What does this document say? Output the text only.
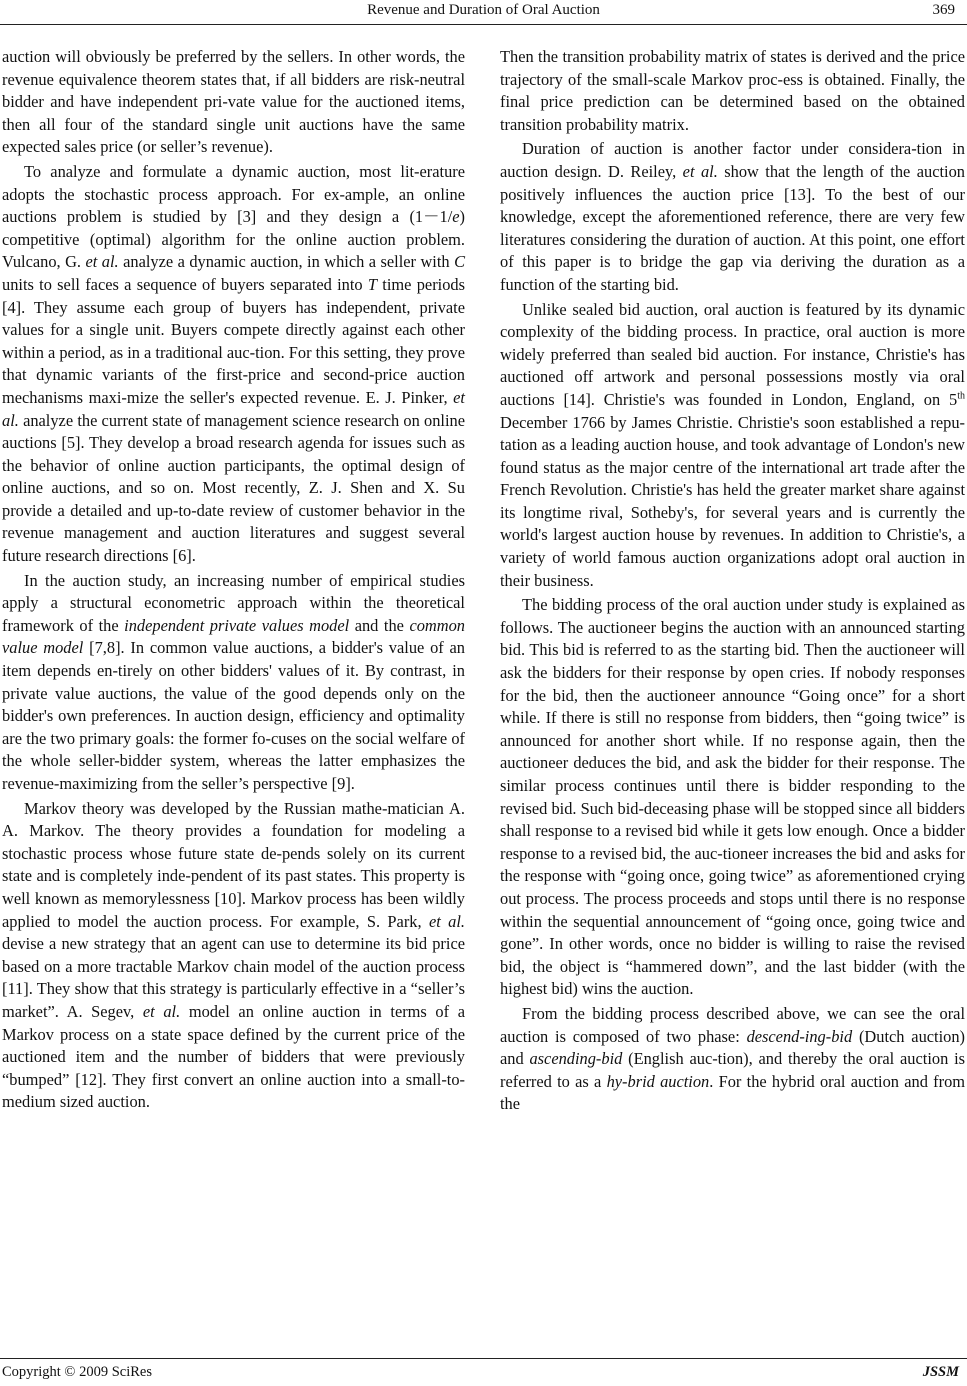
Revenue and Duration of Oral Auction	369

auction will obviously be preferred by the sellers. In other words, the revenue equivalence theorem states that, if all bidders are risk-neutral bidder and have independent pri-vate value for the auctioned items, then all four of the standard single unit auctions have the same expected sales price (or seller’s revenue).

To analyze and formulate a dynamic auction, most lit-erature adopts the stochastic process approach. For ex-ample, an online auctions problem is studied by [3] and they design a (1－1/e) competitive (optimal) algorithm for the online auction problem. Vulcano, G. et al. analyze a dynamic auction, in which a seller with C units to sell faces a sequence of buyers separated into T time periods [4]. They assume each group of buyers has independent, private values for a single unit. Buyers compete directly against each other within a period, as in a traditional auc-tion. For this setting, they prove that dynamic variants of the first-price and second-price auction mechanisms maxi-mize the seller's expected revenue. E. J. Pinker, et al. analyze the current state of management science research on online auctions [5]. They develop a broad research agenda for issues such as the behavior of online auction participants, the optimal design of online auctions, and so on. Most recently, Z. J. Shen and X. Su provide a detailed and up-to-date review of customer behavior in the revenue management and auction literatures and suggest several future research directions [6].

In the auction study, an increasing number of empirical studies apply a structural econometric approach within the theoretical framework of the independent private values model and the common value model [7,8]. In common value auctions, a bidder's value of an item depends en-tirely on other bidders' values of it. By contrast, in private value auctions, the value of the good depends only on the bidder's own preferences. In auction design, efficiency and optimality are the two primary goals: the former fo-cuses on the social welfare of the whole seller-bidder system, whereas the latter emphasizes the revenue-maximizing from the seller’s perspective [9].

Markov theory was developed by the Russian mathe-matician A. A. Markov. The theory provides a foundation for modeling a stochastic process whose future state de-pends solely on its current state and is completely inde-pendent of its past states. This property is well known as memorylessness [10]. Markov process has been wildly applied to model the auction process. For example, S. Park, et al. devise a new strategy that an agent can use to determine its bid price based on a more tractable Markov chain model of the auction process [11]. They show that this strategy is particularly effective in a “seller’s market”. A. Segev, et al. model an online auction in terms of a Markov process on a state space defined by the current price of the auctioned item and the number of bidders that were previously “bumped” [12]. They first convert an online auction into a small-to-medium sized auction.

Then the transition probability matrix of states is derived and the price trajectory of the small-scale Markov proc-ess is obtained. Finally, the final price prediction can be determined based on the obtained transition probability matrix.

Duration of auction is another factor under considera-tion in auction design. D. Reiley, et al. show that the length of the auction positively influences the auction price [13]. To the best of our knowledge, except the aforementioned reference, there are very few literatures considering the duration of auction. At this point, one effort of this paper is to bridge the gap via deriving the duration as a function of the starting bid.

Unlike sealed bid auction, oral auction is featured by its dynamic complexity of the bidding process. In practice, oral auction is more widely preferred than sealed bid auction. For instance, Christie's has auctioned off artwork and personal possessions mostly via oral auctions [14]. Christie's was founded in London, England, on 5th December 1766 by James Christie. Christie's soon established a repu-tation as a leading auction house, and took advantage of London's new found status as the major centre of the international art trade after the French Revolution. Christie's has held the greater market share against its longtime rival, Sotheby's, for several years and is currently the world's largest auction house by revenues. In addition to Christie's, a variety of world famous auction organizations adopt oral auction in their business.

The bidding process of the oral auction under study is explained as follows. The auctioneer begins the auction with an announced starting bid. This bid is referred to as the starting bid. Then the auctioneer will ask the bidders for their response by open cries. If nobody responses for the bid, then the auctioneer announce “Going once” for a short while. If there is still no response from bidders, then “going twice” is announced for another short while. If no response again, then the auctioneer deduces the bid, and ask the bidder for their response. The similar process continues until there is bidder responding to the revised bid. Such bid-deceasing phase will be stopped since all bidders shall response to a revised bid while it gets low enough. Once a bidder response to a revised bid, the auc-tioneer increases the bid and asks for the response with “going once, going twice” as aforementioned crying out process. The process proceeds and stops until there is no response within the sequential announcement of “going once, going twice and gone”. In other words, once no bidder is willing to raise the revised bid, the object is “hammered down”, and the last bidder (with the highest bid) wins the auction.

From the bidding process described above, we can see the oral auction is composed of two phase: descend-ing-bid (Dutch auction) and ascending-bid (English auc-tion), and thereby the oral auction is referred to as a hy-brid auction. For the hybrid oral auction and from the

Copyright © 2009 SciRes	JSSM
